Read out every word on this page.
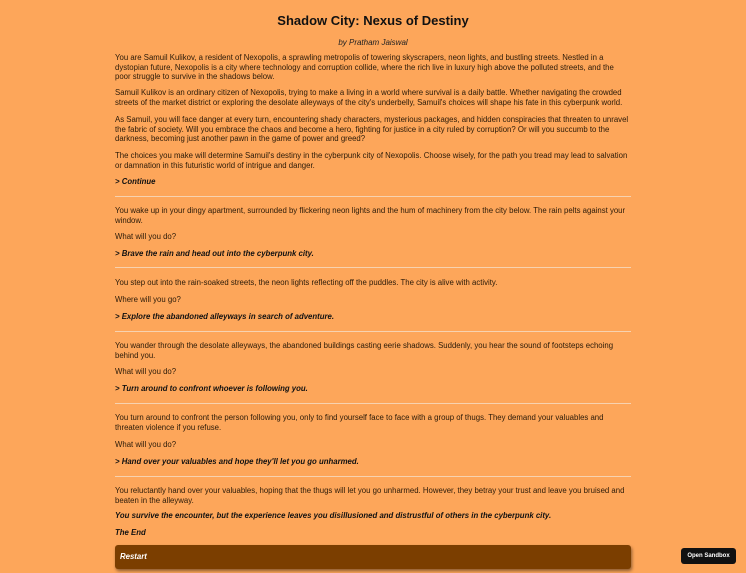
Shadow City: Nexus of Destiny
by Pratham Jaiswal

You are Samuil Kulikov, a resident of Nexopolis, a sprawling metropolis of towering skyscrapers, neon lights, and bustling streets. Nestled in a dystopian future, Nexopolis is a city where technology and corruption collide, where the rich live in luxury high above the polluted streets, and the poor struggle to survive in the shadows below.

Samuil Kulikov is an ordinary citizen of Nexopolis, trying to make a living in a world where survival is a daily battle. Whether navigating the crowded streets of the market district or exploring the desolate alleyways of the city's underbelly, Samuil's choices will shape his fate in this cyberpunk world.

As Samuil, you will face danger at every turn, encountering shady characters, mysterious packages, and hidden conspiracies that threaten to unravel the fabric of society. Will you embrace the chaos and become a hero, fighting for justice in a city ruled by corruption? Or will you succumb to the darkness, becoming just another pawn in the game of power and greed?

The choices you make will determine Samuil's destiny in the cyberpunk city of Nexopolis. Choose wisely, for the path you tread may lead to salvation or damnation in this futuristic world of intrigue and danger.

> Continue

You wake up in your dingy apartment, surrounded by flickering neon lights and the hum of machinery from the city below. The rain pelts against your window.

What will you do?

> Brave the rain and head out into the cyberpunk city.

You step out into the rain-soaked streets, the neon lights reflecting off the puddles. The city is alive with activity.

Where will you go?

> Explore the abandoned alleyways in search of adventure.

You wander through the desolate alleyways, the abandoned buildings casting eerie shadows. Suddenly, you hear the sound of footsteps echoing behind you.

What will you do?

> Turn around to confront whoever is following you.

You turn around to confront the person following you, only to find yourself face to face with a group of thugs. They demand your valuables and threaten violence if you refuse.

What will you do?

> Hand over your valuables and hope they'll let you go unharmed.

You reluctantly hand over your valuables, hoping that the thugs will let you go unharmed. However, they betray your trust and leave you bruised and beaten in the alleyway.

You survive the encounter, but the experience leaves you disillusioned and distrustful of others in the cyberpunk city.
The End
Restart	Open Sandbox
